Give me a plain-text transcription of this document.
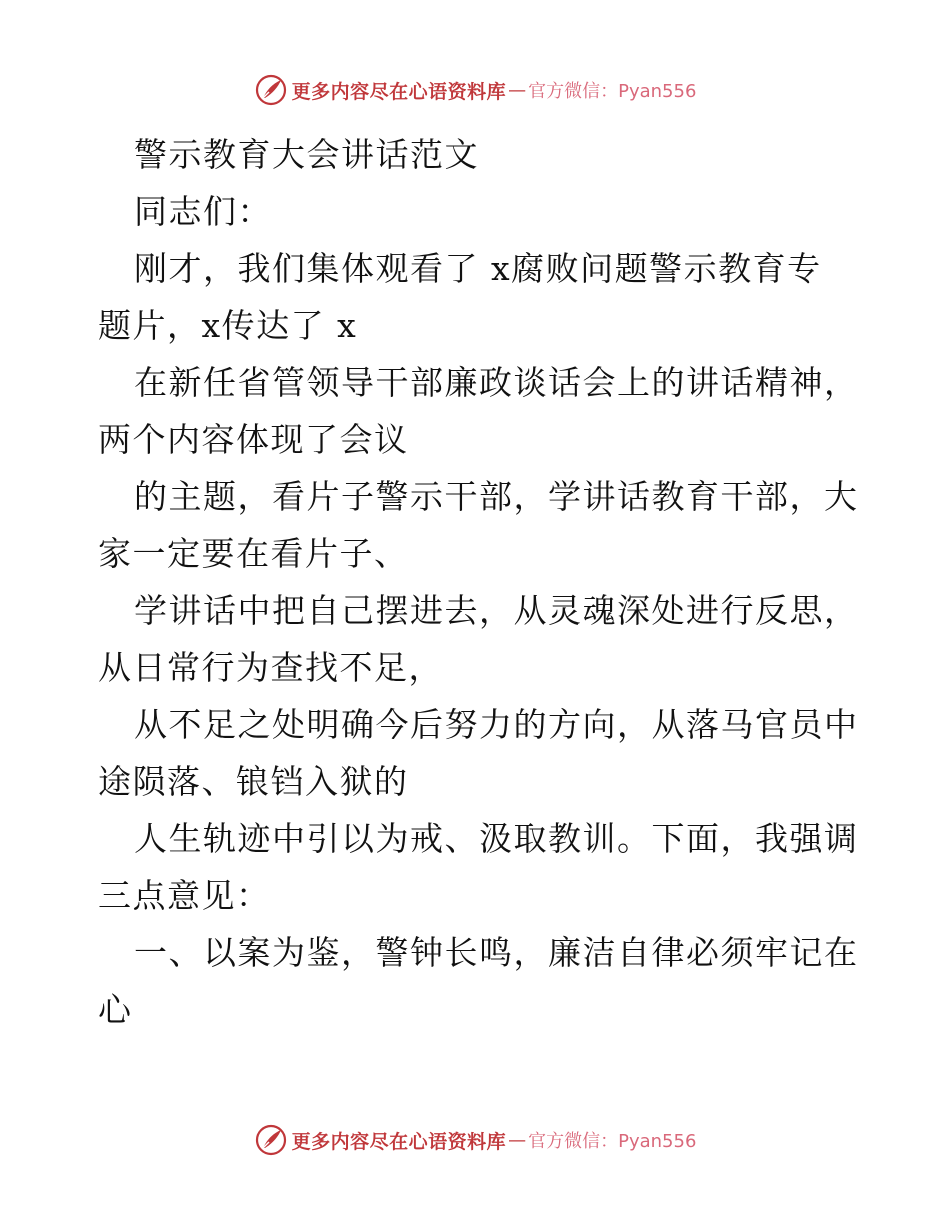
更多内容尽在心语资料库 — 官方微信：Pyan556
警示教育大会讲话范文
同志们：
刚才，我们集体观看了 x腐败问题警示教育专
题片，x传达了 x
在新任省管领导干部廉政谈话会上的讲话精神，
两个内容体现了会议
的主题，看片子警示干部，学讲话教育干部，大
家一定要在看片子、
学讲话中把自己摆进去，从灵魂深处进行反思，
从日常行为查找不足，
从不足之处明确今后努力的方向，从落马官员中
途陨落、锒铛入狱的
人生轨迹中引以为戒、汲取教训。下面，我强调
三点意见：
一、以案为鉴，警钟长鸣，廉洁自律必须牢记在
心
更多内容尽在心语资料库 — 官方微信：Pyan556
